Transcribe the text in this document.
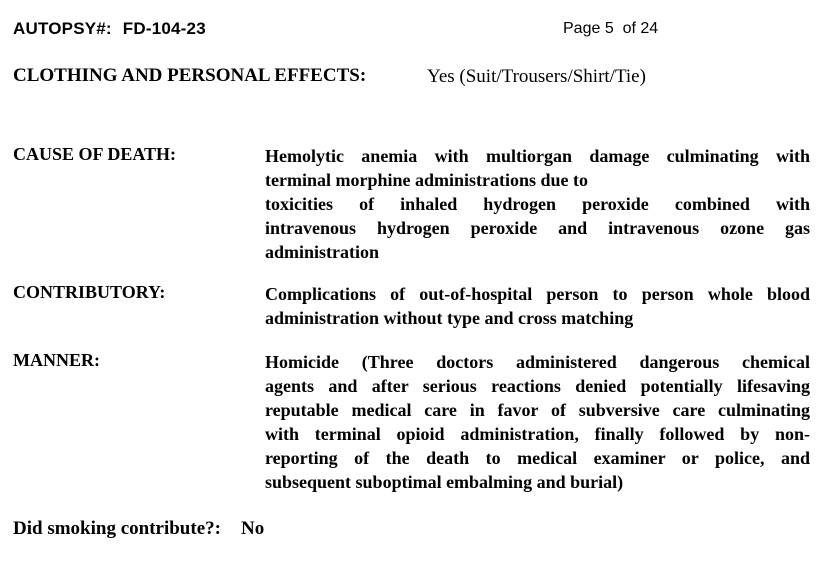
AUTOPSY#: FD-104-23	Page 5  of 24
CLOTHING AND PERSONAL EFFECTS:	Yes (Suit/Trousers/Shirt/Tie)
CAUSE OF DEATH:	Hemolytic anemia with multiorgan damage culminating with
terminal morphine administrations due to
toxicities of inhaled hydrogen peroxide combined with
intravenous hydrogen peroxide and intravenous ozone gas
administration
CONTRIBUTORY:	Complications of out-of-hospital person to person whole blood
administration without type and cross matching
MANNER:	Homicide (Three doctors administered dangerous chemical
agents and after serious reactions denied potentially lifesaving
reputable medical care in favor of subversive care culminating
with terminal opioid administration, finally followed by non-
reporting of the death to medical examiner or police, and
subsequent suboptimal embalming and burial)
Did smoking contribute?: No
